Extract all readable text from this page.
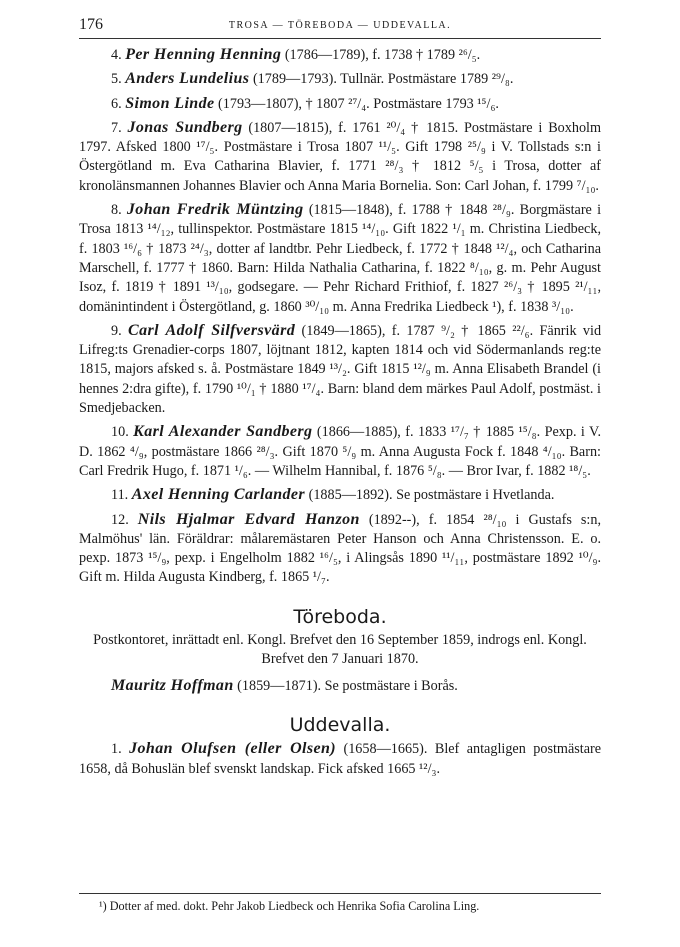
176	TROSA — TÖREBODA — UDDEVALLA.

4. Per Henning Henning (1786—1789), f. 1738 † 1789 ²⁶/₅.

5. Anders Lundelius (1789—1793). Tullnär. Postmästare 1789 ²⁹/₈.

6. Simon Linde (1793—1807), † 1807 ²⁷/₄. Postmästare 1793 ¹⁵/₆.

7. Jonas Sundberg (1807—1815), f. 1761 ²⁰/₄ † 1815. Postmästare i Boxholm 1797. Afsked 1800 ¹⁷/₅. Postmästare i Trosa 1807 ¹¹/₅. Gift 1798 ²⁵/₉ i V. Tollstads s:n i Östergötland m. Eva Catharina Blavier, f. 1771 ²⁸/₃ † 1812 ⁵/₅ i Trosa, dotter af kronolänsmannen Johannes Blavier och Anna Maria Bornelia. Son: Carl Johan, f. 1799 ⁷/₁₀.

8. Johan Fredrik Müntzing (1815—1848), f. 1788 † 1848 ²⁸/₉. Borgmästare i Trosa 1813 ¹⁴/₁₂, tullinspektor. Postmästare 1815 ¹⁴/₁₀. Gift 1822 ¹/₁ m. Christina Liedbeck, f. 1803 ¹⁶/₆ † 1873 ²⁴/₃, dotter af landtbr. Pehr Liedbeck, f. 1772 † 1848 ¹²/₄, och Catharina Marschell, f. 1777 † 1860. Barn: Hilda Nathalia Catharina, f. 1822 ⁸/₁₀, g. m. Pehr August Isoz, f. 1819 † 1891 ¹³/₁₀, godsegare. — Pehr Richard Frithiof, f. 1827 ²⁶/₃ † 1895 ²¹/₁₁, domänintindent i Östergötland, g. 1860 ³⁰/₁₀ m. Anna Fredrika Liedbeck ¹), f. 1838 ³/₁₀.

9. Carl Adolf Silfversvärd (1849—1865), f. 1787 ⁹/₂ † 1865 ²²/₆. Fänrik vid Lifreg:ts Grenadier-corps 1807, löjtnant 1812, kapten 1814 och vid Södermanlands reg:te 1815, majors afsked s. å. Postmästare 1849 ¹³/₂. Gift 1815 ¹²/₉ m. Anna Elisabeth Brandel (i hennes 2:dra gifte), f. 1790 ¹⁰/₁ † 1880 ¹⁷/₄. Barn: bland dem märkes Paul Adolf, postmäst. i Smedjebacken.

10. Karl Alexander Sandberg (1866—1885), f. 1833 ¹⁷/₇ † 1885 ¹⁵/₈. Pexp. i V. D. 1862 ⁴/₉, postmästare 1866 ²⁸/₃. Gift 1870 ⁵/₉ m. Anna Augusta Fock f. 1848 ⁴/₁₀. Barn: Carl Fredrik Hugo, f. 1871 ¹/₆. — Wilhelm Hannibal, f. 1876 ⁵/₈. — Bror Ivar, f. 1882 ¹⁸/₅.

11. Axel Henning Carlander (1885—1892). Se postmästare i Hvetlanda.

12. Nils Hjalmar Edvard Hanzon (1892--), f. 1854 ²⁸/₁₀ i Gustafs s:n, Malmöhus' län. Föräldrar: målaremästaren Peter Hanson och Anna Christensson. E. o. pexp. 1873 ¹⁵/₉, pexp. i Engelholm 1882 ¹⁶/₅, i Alingsås 1890 ¹¹/₁₁, postmästare 1892 ¹⁰/₉. Gift m. Hilda Augusta Kindberg, f. 1865 ¹/₇.

Töreboda.

Postkontoret, inrättadt enl. Kongl. Brefvet den 16 September 1859, indrogs enl. Kongl. Brefvet den 7 Januari 1870.

Mauritz Hoffman (1859—1871). Se postmästare i Borås.

Uddevalla.

1. Johan Olufsen (eller Olsen) (1658—1665). Blef antagligen postmästare 1658, då Bohuslän blef svenskt landskap. Fick afsked 1665 ¹²/₃.

¹) Dotter af med. dokt. Pehr Jakob Liedbeck och Henrika Sofia Carolina Ling.
